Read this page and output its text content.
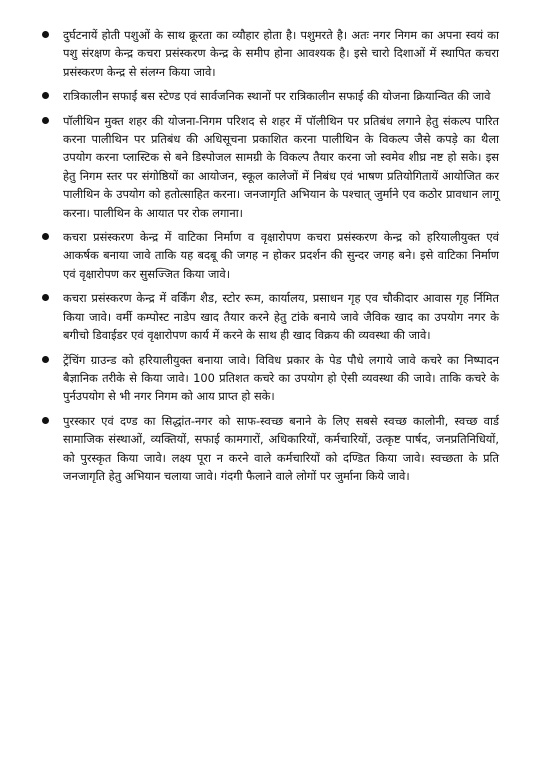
दुर्घटनायें होती पशुओं के साथ क्रूरता का व्यौहार होता है। पशुमरते है। अतः नगर निगम का अपना स्वयं का पशु संरक्षण केन्द्र कचरा प्रसंस्करण केन्द्र के समीप होना आवश्यक है। इसे चारो दिशाओं में स्थापित कचरा प्रसंस्करण केन्द्र से संलग्न किया जावे।
रात्रिकालीन सफाई बस स्टेण्ड एवं सार्वजनिक स्थानों पर रात्रिकालीन सफाई की योजना क्रियान्वित की जावे
पॉलीथिन मुक्त शहर की योजना-निगम परिशद से शहर में पॉलीथिन पर प्रतिबंध लगाने हेतु संकल्प पारित करना पालीथिन पर प्रतिबंध की अधिसूचना प्रकाशित करना पालीथिन के विकल्प जैसे कपड़े का थैला उपयोग करना प्लास्टिक से बने डिस्पोजल सामग्री के विकल्प तैयार करना जो स्वमेव शीघ्र नष्ट हो सके। इस हेतु निगम स्तर पर संगोष्ठियों का आयोजन, स्कूल कालेजों में निबंध एवं भाषण प्रतियोगितायें आयोजित कर पालीथिन के उपयोग को हतोत्साहित करना। जनजागृति अभियान के पश्चात् जुर्माने एव कठोर प्रावधान लागू करना। पालीथिन के आयात पर रोक लगाना।
कचरा प्रसंस्करण केन्द्र में वाटिका निर्माण व वृक्षारोपण कचरा प्रसंस्करण केन्द्र को हरियालीयुक्त एवं आकर्षक बनाया जावे ताकि यह बदबू की जगह न होकर प्रदर्शन की सुन्दर जगह बने। इसे वाटिका निर्माण एवं वृक्षारोपण कर सुसज्जित किया जावे।
कचरा प्रसंस्करण केन्द्र में वर्किंग शैड, स्टोर रूम, कार्यालय, प्रसाधन गृह एव चौकीदार आवास गृह र्निमित किया जावे। वर्मी कम्पोस्ट नाडेप खाद तैयार करने हेतु टांके बनाये जावे जैविक खाद का उपयोग नगर के बगीचो डिवाईडर एवं वृक्षारोपण कार्य में करने के साथ ही खाद विक्रय की व्यवस्था की जावे।
ट्रेंचिंग ग्राउन्ड को हरियालीयुक्त बनाया जावे। विविध प्रकार के पेड पौधे लगाये जावे कचरे का निष्पादन बैज्ञानिक तरीके से किया जावे। 100 प्रतिशत कचरे का उपयोग हो ऐसी व्यवस्था की जावे। ताकि कचरे के पुर्नउपयोग से भी नगर निगम को आय प्राप्त हो सके।
पुरस्कार एवं दण्ड का सिद्धांत-नगर को साफ-स्वच्छ बनाने के लिए सबसे स्वच्छ कालोनी, स्वच्छ वार्ड सामाजिक संस्थाओं, व्यक्तियों, सफाई कामगारों, अधिकारियों, कर्मचारियों, उत्कृष्ट पार्षद, जनप्रतिनिधियों, को पुरस्कृत किया जावे। लक्ष्य पूरा न करने वाले कर्मचारियों को दण्डित किया जावे। स्वच्छता के प्रति जनजागृति हेतु अभियान चलाया जावे। गंदगी फैलाने वाले लोगों पर जुर्माना किये जावे।
